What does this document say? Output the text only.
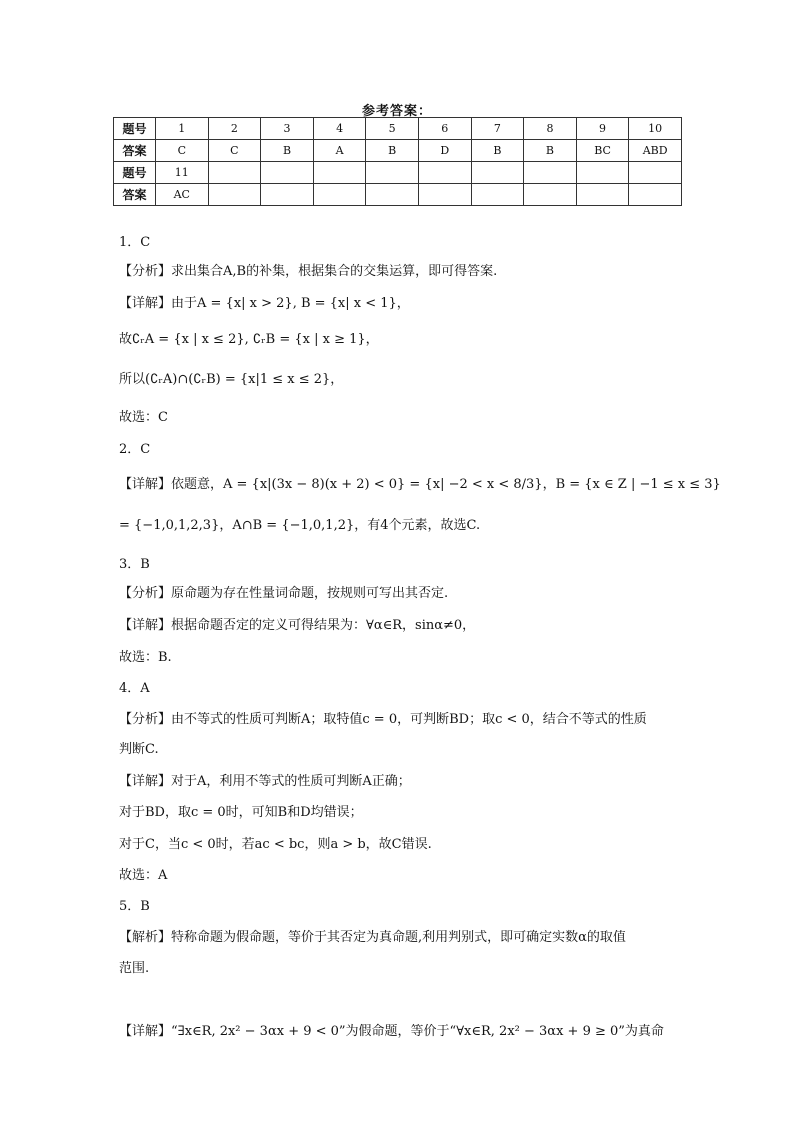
参考答案：
题号	1	2	3	4	5	6	7	8	9	10
答案	C	C	B	A	B	D	B	B	BC	ABD
题号	11									
答案	AC									
1．C
【分析】求出集合A,B的补集，根据集合的交集运算，即可得答案.
【详解】由于A = {x| x > 2}, B = {x| x < 1}，
故∁ᵣA = {x | x ≤ 2}, ∁ᵣB = {x | x ≥ 1}，
所以(∁ᵣA)∩(∁ᵣB) = {x|1 ≤ x ≤ 2}，
故选：C
2．C
【详解】依题意，A = {x|(3x − 8)(x + 2) < 0} = {x| −2 < x < 8/3}，B = {x ∈ Z | −1 ≤ x ≤ 3}
= {−1,0,1,2,3}，A∩B = {−1,0,1,2}，有4个元素，故选C.
3．B
【分析】原命题为存在性量词命题，按规则可写出其否定.
【详解】根据命题否定的定义可得结果为：∀α∈R，sinα≠0，
故选：B.
4．A
【分析】由不等式的性质可判断A；取特值c = 0，可判断BD；取c < 0，结合不等式的性质
判断C.
【详解】对于A，利用不等式的性质可判断A正确；
对于BD，取c = 0时，可知B和D均错误；
对于C，当c < 0时，若ac < bc，则a > b，故C错误.
故选：A
5．B
【解析】特称命题为假命题，等价于其否定为真命题,利用判别式，即可确定实数α的取值
范围.
【详解】“∃x∈R, 2x² − 3αx + 9 < 0”为假命题，等价于“∀x∈R, 2x² − 3αx + 9 ≥ 0”为真命
